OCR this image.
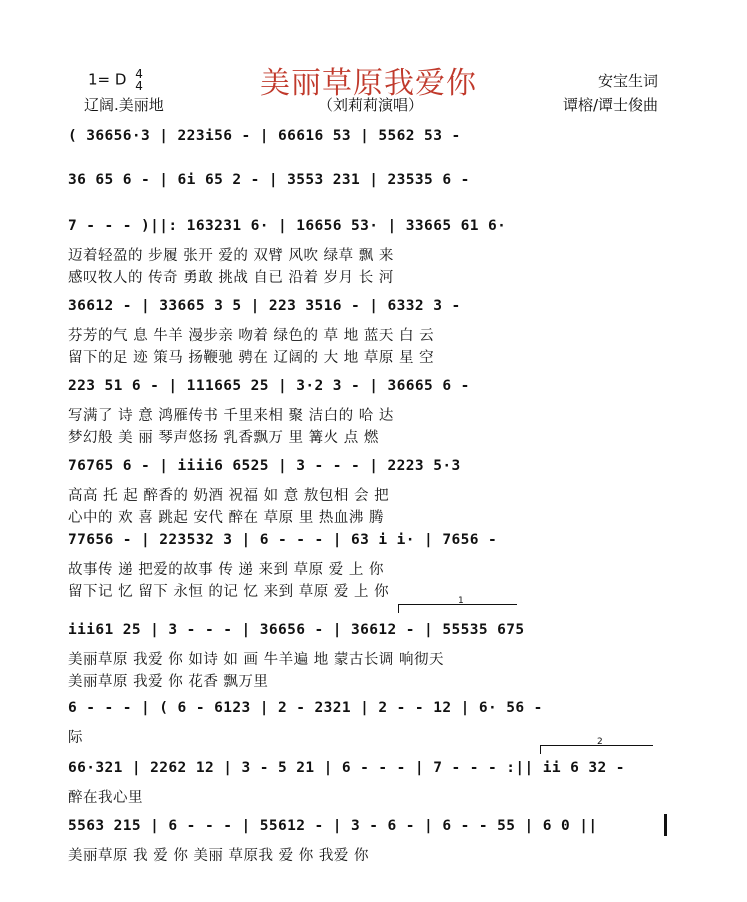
1= D 4
4	美丽草原我爱你	安宝生词
辽阔.美丽地	（刘莉莉演唱）	谭榕/谭士俊曲
( 36656·3 | 223i56 - | 66616 53 | 5562 53 -
36 65 6 - | 6i 65 2 - | 3553 231 | 23535 6 -
7 - - - )||: 163231 6· | 16656 53· | 33665 61 6·
迈着轻盈的 步履 张开 爱的 双臂 风吹 绿草 飘 来
感叹牧人的 传奇 勇敢 挑战 自已 沿着 岁月 长 河
36612 - | 33665 3 5 | 223 3516 - | 6332 3 -
芬芳的气 息 牛羊 漫步亲 吻着 绿色的 草 地 蓝天 白 云
留下的足 迹 策马 扬鞭驰 骋在 辽阔的 大 地 草原 星 空
223 51 6 - | 111665 25 | 3·2 3 - | 36665 6 -
写满了 诗 意 鸿雁传书 千里来相 聚 洁白的 哈 达
梦幻般 美 丽 琴声悠扬 乳香飘万 里 篝火 点 燃
76765 6 - | iiii6 6525 | 3 - - - | 2223 5·3
高高 托 起 醉香的 奶酒 祝福 如 意 敖包相 会 把
心中的 欢 喜 跳起 安代 醉在 草原 里 热血沸 腾
77656 - | 223532 3 | 6 - - - | 63 i i· | 7656 -
故事传 递 把爱的故事 传 递 来到 草原 爱 上 你
留下记 忆 留下 永恒 的记 忆 来到 草原 爱 上 你
iii61 25 | 3 - - - | 36656 - | 36612 - | 55535 675
美丽草原 我爱 你 如诗 如 画 牛羊遍 地 蒙古长调 响彻天
美丽草原 我爱 你 花香 飘万里
6 - - - | ( 6 - 6123 | 2 - 2321 | 2 - - 12 | 6· 56 -
际
66·321 | 2262 12 | 3 - 5 21 | 6 - - - | 7 - - - :|| ii 6 32 -
醉在我心里
5563 215 | 6 - - - | 55612 - | 3 - 6 - | 6 - - 55 | 6 0 ||
美丽草原 我 爱 你 美丽 草原我 爱 你 我爱 你
1
2
